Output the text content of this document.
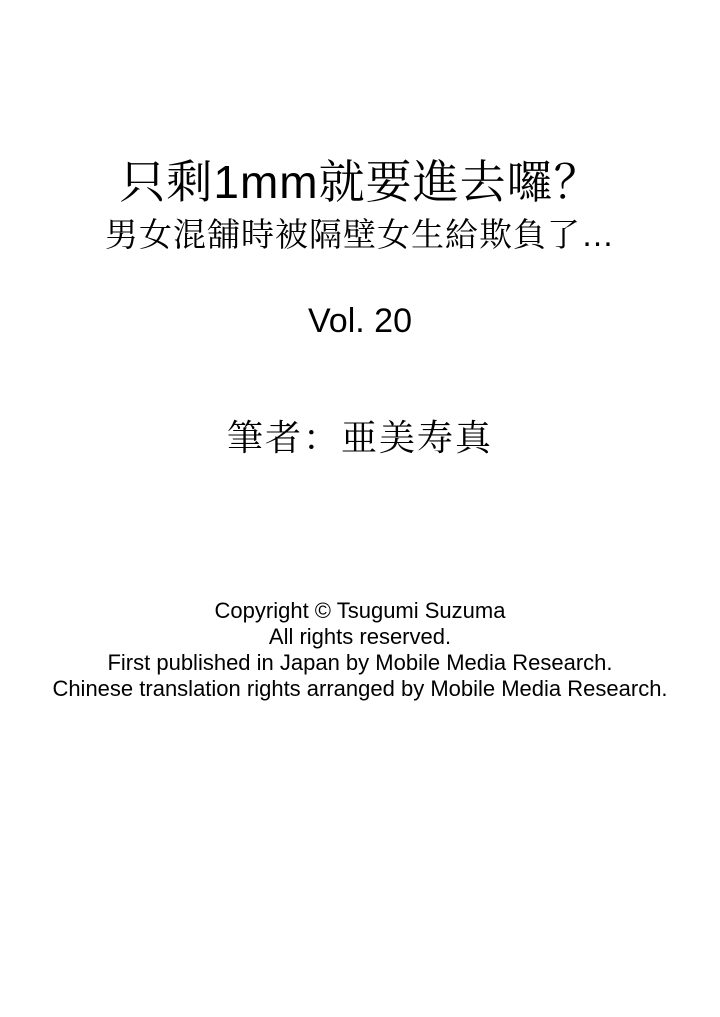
只剩1mm就要進去囉？
男女混舖時被隔壁女生給欺負了…
Vol. 20
筆者：亜美寿真

Copyright © Tsugumi Suzuma

All rights reserved.

First published in Japan by Mobile Media Research.

Chinese translation rights arranged by Mobile Media Research.
